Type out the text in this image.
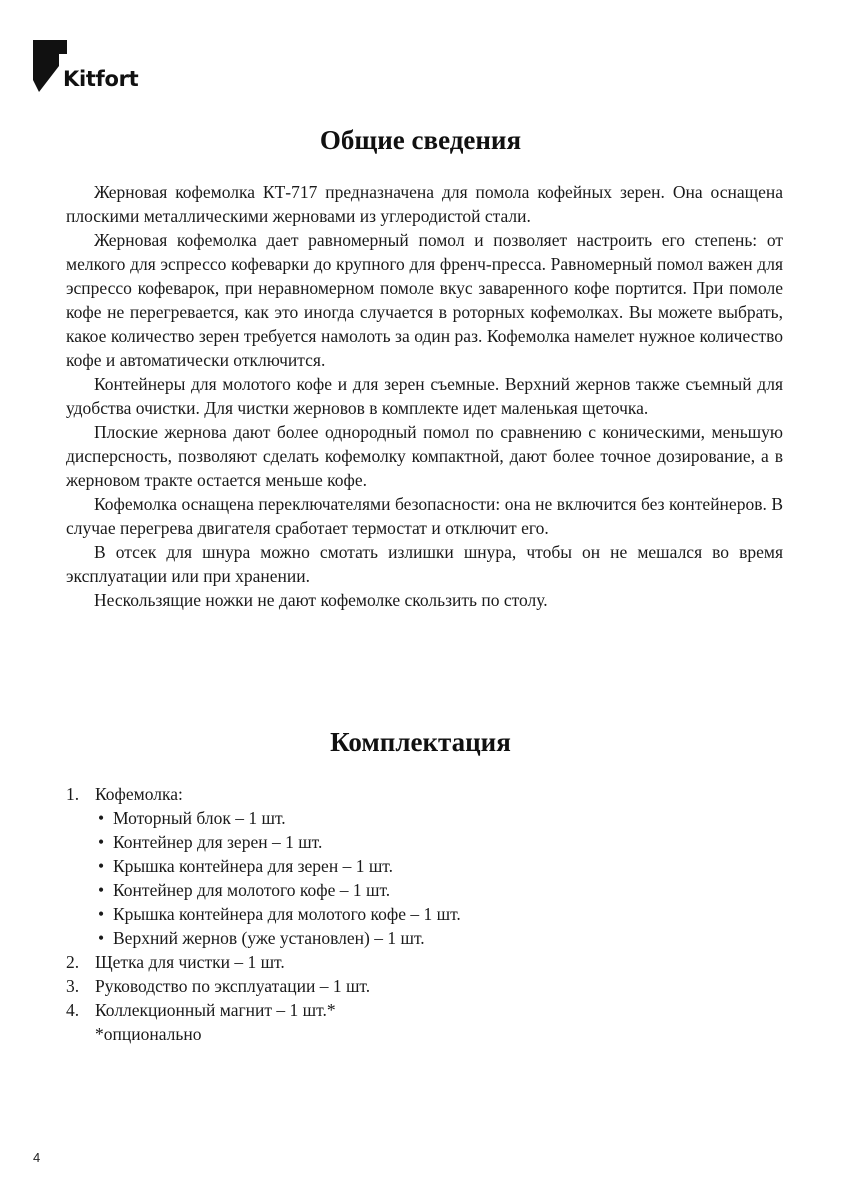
Kitfort
Общие сведения

Жерновая кофемолка КТ-717 предназначена для помола кофейных зерен. Она оснащена плоскими металлическими жерновами из углеродистой стали.

Жерновая кофемолка дает равномерный помол и позволяет настроить его степень: от мелкого для эспрессо кофеварки до крупного для френч-пресса. Равномерный помол важен для эспрессо кофеварок, при неравномерном помоле вкус заваренного кофе портится. При помоле кофе не перегревается, как это иногда случается в роторных кофемолках. Вы можете выбрать, какое количество зерен требуется намолоть за один раз. Кофемолка намелет нужное количество кофе и автоматически отключится.

Контейнеры для молотого кофе и для зерен съемные. Верхний жернов также съемный для удобства очистки. Для чистки жерновов в комплекте идет маленькая щеточка.

Плоские жернова дают более однородный помол по сравнению с коническими, меньшую дисперсность, позволяют сделать кофемолку компактной, дают более точное дозирование, а в жерновом тракте остается меньше кофе.

Кофемолка оснащена переключателями безопасности: она не включится без контейнеров. В случае перегрева двигателя сработает термостат и отключит его.

В отсек для шнура можно смотать излишки шнура, чтобы он не мешался во время эксплуатации или при хранении.

Нескользящие ножки не дают кофемолке скользить по столу.

Комплектация
1. Кофемолка:
• Моторный блок – 1 шт.
• Контейнер для зерен – 1 шт.
• Крышка контейнера для зерен – 1 шт.
• Контейнер для молотого кофе – 1 шт.
• Крышка контейнера для молотого кофе – 1 шт.
• Верхний жернов (уже установлен) – 1 шт.
2. Щетка для чистки – 1 шт.
3. Руководство по эксплуатации – 1 шт.
4. Коллекционный магнит – 1 шт.*
*опционально
4
